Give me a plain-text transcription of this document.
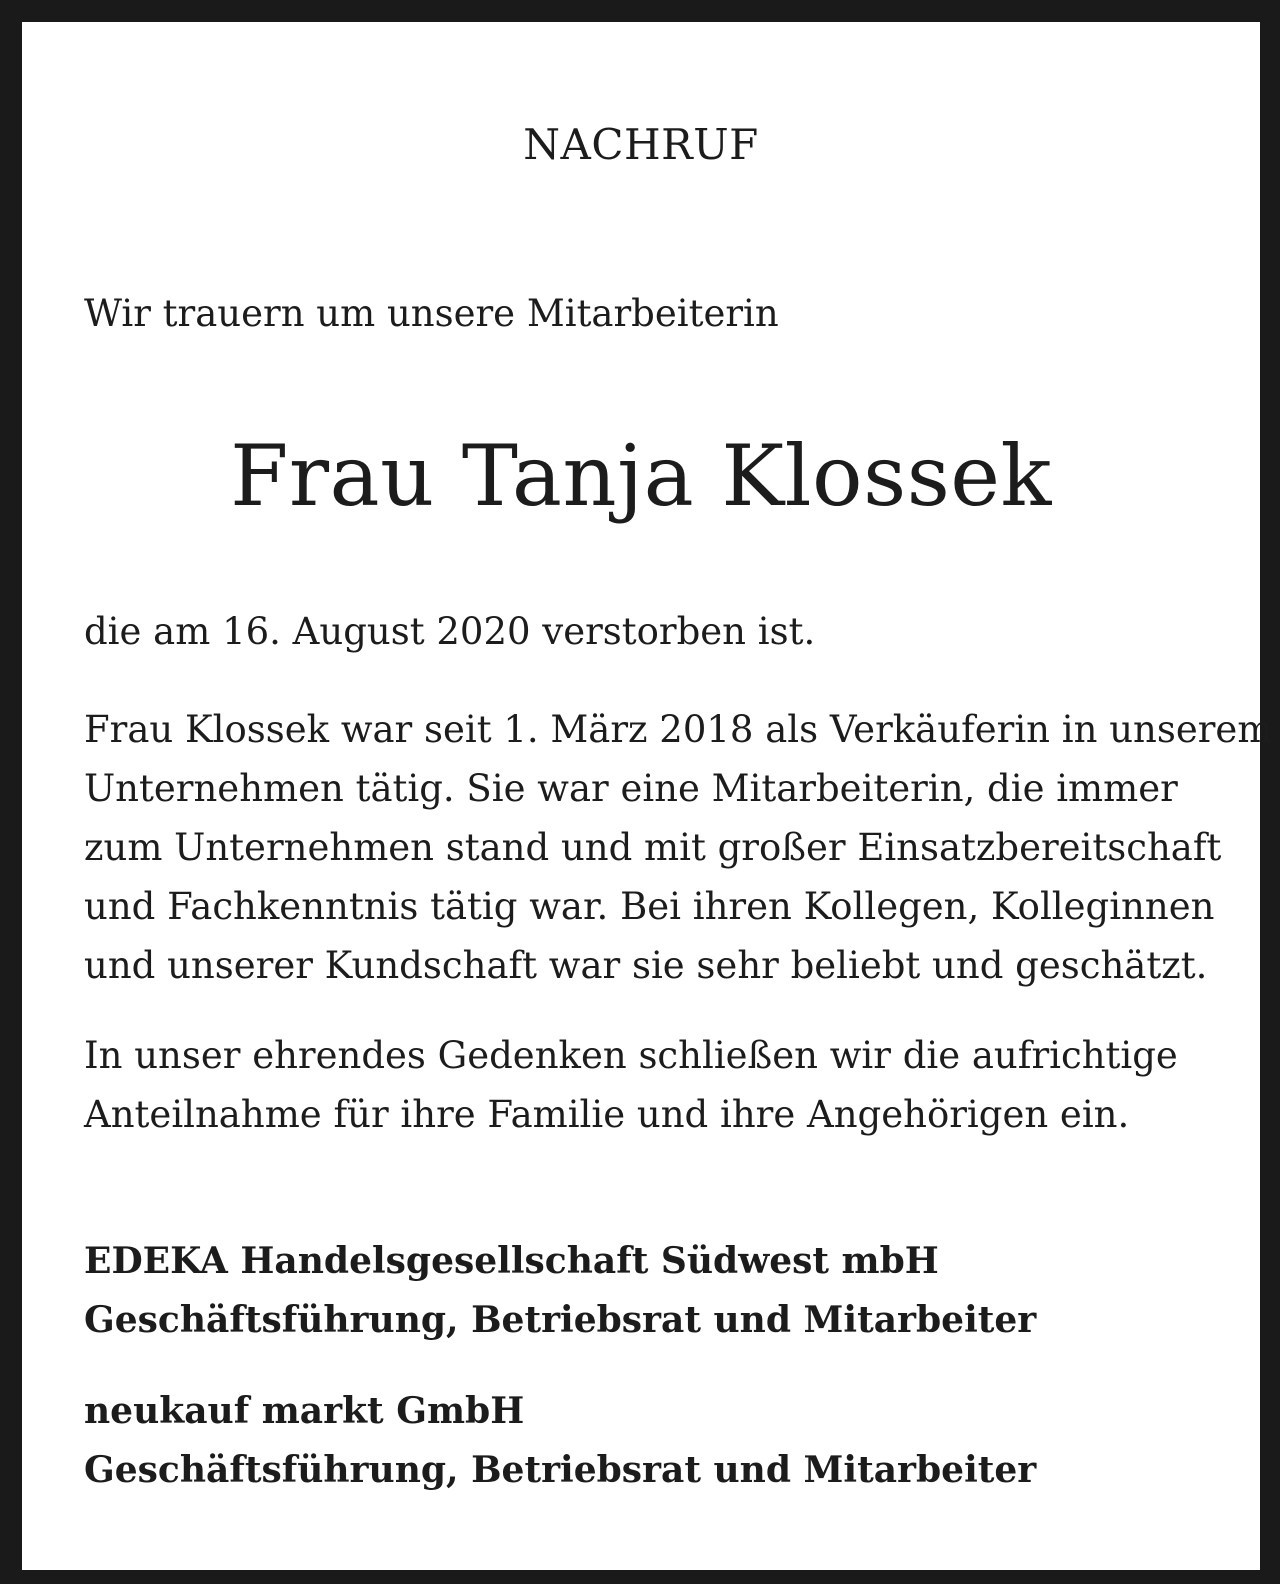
NACHRUF

Wir trauern um unsere Mitarbeiterin

Frau Tanja Klossek

die am 16. August 2020 verstorben ist.

Frau Klossek war seit 1. März 2018 als Verkäuferin in unserem
Unternehmen tätig. Sie war eine Mitarbeiterin, die immer
zum Unternehmen stand und mit großer Einsatzbereitschaft
und Fachkenntnis tätig war. Bei ihren Kollegen, Kolleginnen
und unserer Kundschaft war sie sehr beliebt und geschätzt.

In unser ehrendes Gedenken schließen wir die aufrichtige
Anteilnahme für ihre Familie und ihre Angehörigen ein.

EDEKA Handelsgesellschaft Südwest mbH
Geschäftsführung, Betriebsrat und Mitarbeiter

neukauf markt GmbH
Geschäftsführung, Betriebsrat und Mitarbeiter
